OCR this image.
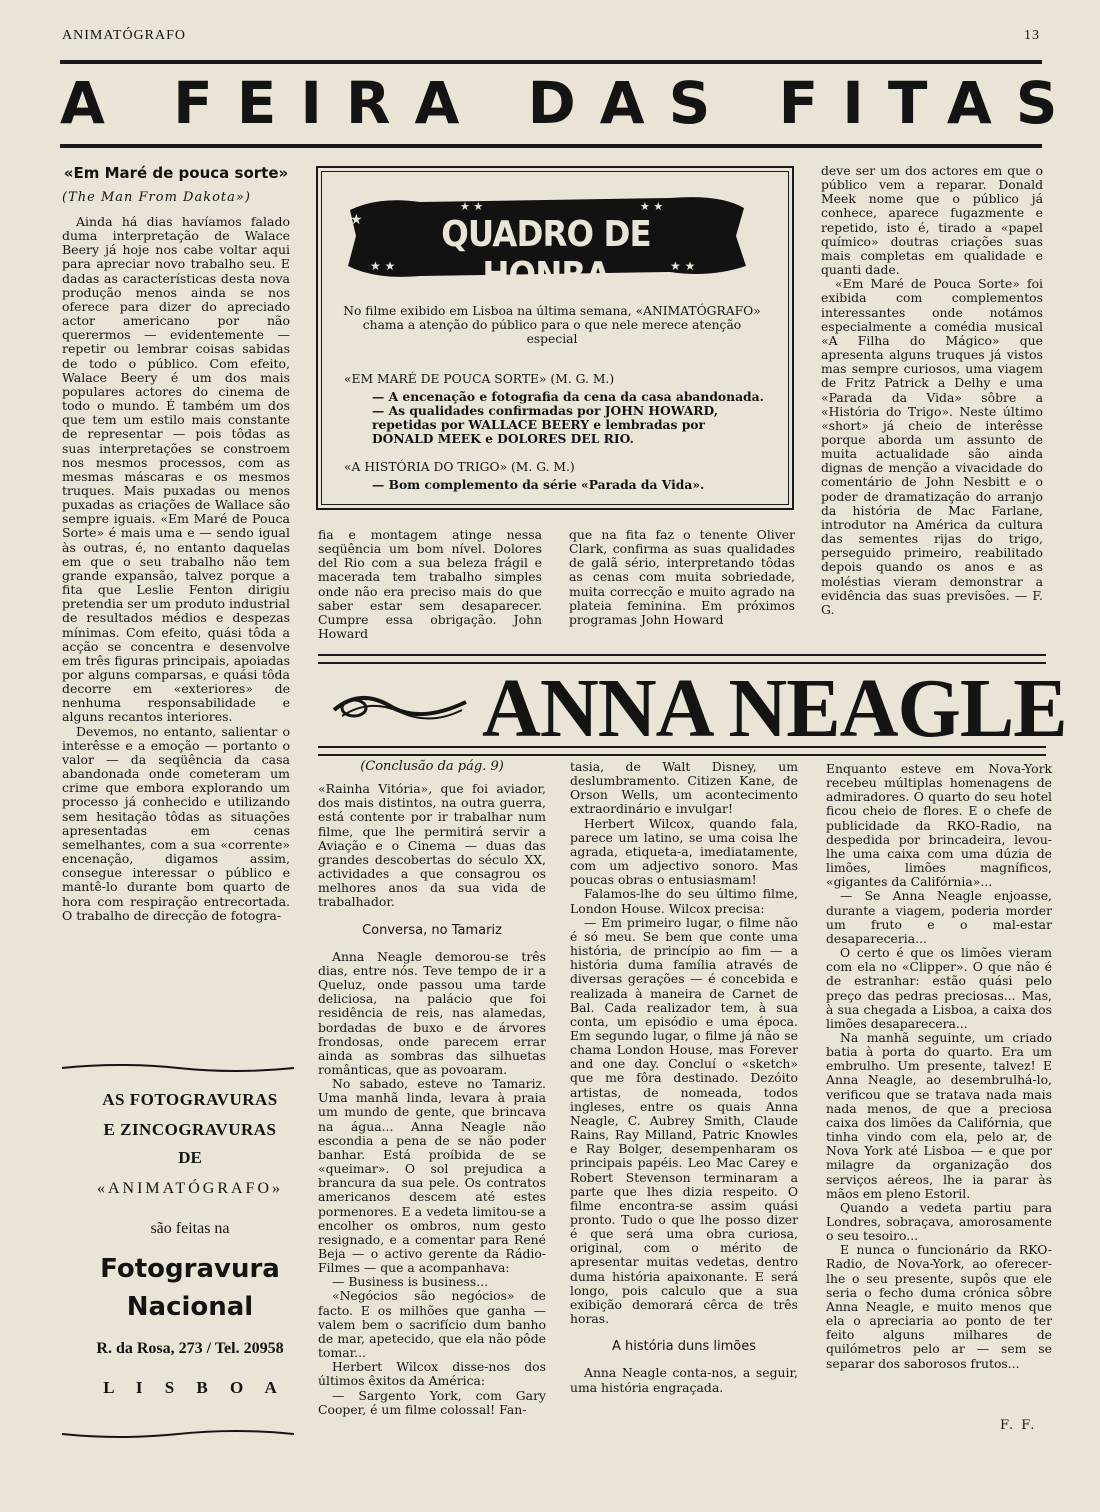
ANIMATÓGRAFO	13
A FEIRA DAS FITAS
«Em Maré de pouca sorte»
(The Man From Dakota»)

Ainda há dias havíamos falado duma interpretação de Walace Beery já hoje nos cabe voltar aqui para apreciar novo trabalho seu. E dadas as características desta nova produção menos ainda se nos oferece para dizer do apreciado actor americano por não querermos — evidentemente — repetir ou lembrar coisas sabidas de todo o público. Com efeito, Walace Beery é um dos mais populares actores do cinema de todo o mundo. É também um dos que tem um estilo mais constante de representar — pois tôdas as suas interpretações se constroem nos mesmos processos, com as mesmas máscaras e os mesmos truques. Mais puxadas ou menos puxadas as criações de Wallace são sempre iguais. «Em Maré de Pouca Sorte» é mais uma e — sendo igual às outras, é, no entanto daquelas em que o seu trabalho não tem grande expansão, talvez porque a fita que Leslie Fenton dirigiu pretendia ser um produto industrial de resultados médios e despezas mínimas. Com efeito, quási tôda a acção se concentra e desenvolve em três figuras principais, apoiadas por alguns comparsas, e quási tôda decorre em «exteriores» de nenhuma responsabilidade e alguns recantos interiores.

Devemos, no entanto, salientar o interêsse e a emoção — portanto o valor — da seqüência da casa abandonada onde cometeram um crime que embora explorando um processo já conhecido e utilizando sem hesitação tôdas as situações apresentadas em cenas semelhantes, com a sua «corrente» encenação, digamos assim, consegue interessar o público e mantê-lo durante bom quarto de hora com respiração entrecortada. O trabalho de direcção de fotogra-

★
★ ★	★ ★
★ ★	★ ★
QUADRO DE HONRA
No filme exibido em Lisboa na última semana, «ANIMATÓGRAFO» chama a atenção do público para o que nele merece atenção especial
«EM MARÉ DE POUCA SORTE» (M. G. M.)
— A encenação e fotografia da cena da casa abandonada.
— As qualidades confirmadas por JOHN HOWARD, repetidas por WALLACE BEERY e lembradas por DONALD MEEK e DOLORES DEL RIO.
«A HISTÓRIA DO TRIGO» (M. G. M.)
— Bom complemento da série «Parada da Vida».

fia e montagem atinge nessa seqüência um bom nível. Dolores del Rio com a sua beleza frágil e macerada tem trabalho simples onde não era preciso mais do que saber estar sem desaparecer. Cumpre essa obrigação. John Howard

que na fita faz o tenente Oliver Clark, confirma as suas qualidades de galã sério, interpretando tôdas as cenas com muita sobriedade, muita correcção e muito agrado na plateia feminina. Em próximos programas John Howard

deve ser um dos actores em que o público vem a reparar. Donald Meek nome que o público já conhece, aparece fugazmente e repetido, isto é, tirado a «papel químico» doutras criações suas mais completas em qualidade e quanti dade.

«Em Maré de Pouca Sorte» foi exibida com complementos interessantes onde notámos especialmente a comédia musical «A Filha do Mágico» que apresenta alguns truques já vistos mas sempre curiosos, uma viagem de Fritz Patrick a Delhy e uma «Parada da Vida» sôbre a «História do Trigo». Neste último «short» já cheio de interêsse porque aborda um assunto de muita actualidade são ainda dignas de menção a vivacidade do comentário de John Nesbitt e o poder de dramatização do arranjo da história de Mac Farlane, introdutor na América da cultura das sementes rijas do trigo, perseguido primeiro, reabilitado depois quando os anos e as moléstias vieram demonstrar a evidência das suas previsões. — F. G.

ANNA NEAGLE
(Conclusão da pág. 9)

«Rainha Vitória», que foi aviador, dos mais distintos, na outra guerra, está contente por ir trabalhar num filme, que lhe permitirá servir a Aviação e o Cinema — duas das grandes descobertas do século XX, actividades a que consagrou os melhores anos da sua vida de trabalhador.

Conversa, no Tamariz

Anna Neagle demorou-se três dias, entre nós. Teve tempo de ir a Queluz, onde passou uma tarde deliciosa, na palácio que foi residência de reis, nas alamedas, bordadas de buxo e de árvores frondosas, onde parecem errar ainda as sombras das silhuetas românticas, que as povoaram.

No sabado, esteve no Tamariz. Uma manhã linda, levara à praia um mundo de gente, que brincava na água... Anna Neagle não escondia a pena de se não poder banhar. Está proíbida de se «queimar». O sol prejudica a brancura da sua pele. Os contratos americanos descem até estes pormenores. E a vedeta limitou-se a encolher os ombros, num gesto resignado, e a comentar para René Beja — o activo gerente da Rádio-Filmes — que a acompanhava:

— Business is business...

«Negócios são negócios» de facto. E os milhões que ganha — valem bem o sacrifício dum banho de mar, apetecido, que ela não pôde tomar...

Herbert Wilcox disse-nos dos últimos êxitos da América:

— Sargento York, com Gary Cooper, é um filme colossal! Fan-

tasia, de Walt Disney, um deslumbramento. Citizen Kane, de Orson Wells, um acontecimento extraordinário e invulgar!

Herbert Wilcox, quando fala, parece um latino, se uma coisa lhe agrada, etiqueta-a, imediatamente, com um adjectivo sonoro. Mas poucas obras o entusiasmam!

Falamos-lhe do seu último filme, London House. Wilcox precisa:

— Em primeiro lugar, o filme não é só meu. Se bem que conte uma história, de princípio ao fim — a história duma família através de diversas gerações — é concebida e realizada à maneira de Carnet de Bal. Cada realizador tem, à sua conta, um episódio e uma época. Em segundo lugar, o filme já não se chama London House, mas Forever and one day. Concluí o «sketch» que me fôra destinado. Dezóito artistas, de nomeada, todos ingleses, entre os quais Anna Neagle, C. Aubrey Smith, Claude Rains, Ray Milland, Patric Knowles e Ray Bolger, desempenharam os principais papéis. Leo Mac Carey e Robert Stevenson terminaram a parte que lhes dizia respeito. O filme encontra-se assim quási pronto. Tudo o que lhe posso dizer é que será uma obra curiosa, original, com o mérito de apresentar muitas vedetas, dentro duma história apaixonante. E será longo, pois calculo que a sua exibição demorará cêrca de três horas.

A história duns limões

Anna Neagle conta-nos, a seguir, uma história engraçada.

Enquanto esteve em Nova-York recebeu múltiplas homenagens de admiradores. O quarto do seu hotel ficou cheio de flores. E o chefe de publicidade da RKO-Radio, na despedida por brincadeira, levou-lhe uma caixa com uma dúzia de limões, limões magníficos, «gigantes da Califórnia»...

— Se Anna Neagle enjoasse, durante a viagem, poderia morder um fruto e o mal-estar desapareceria...

O certo é que os limões vieram com ela no «Clipper». O que não é de estranhar: estão quási pelo preço das pedras preciosas... Mas, à sua chegada a Lisboa, a caixa dos limões desaparecera...

Na manhã seguinte, um criado batia à porta do quarto. Era um embrulho. Um presente, talvez! E Anna Neagle, ao desembrulhá-lo, verificou que se tratava nada mais nada menos, de que a preciosa caixa dos limões da Califórnia, que tinha vindo com ela, pelo ar, de Nova York até Lisboa — e que por milagre da organização dos serviços aéreos, lhe ia parar às mãos em pleno Estoril.

Quando a vedeta partiu para Londres, sobraçava, amorosamente o seu tesoiro...

E nunca o funcionário da RKO-Radio, de Nova-York, ao oferecer-lhe o seu presente, supôs que ele seria o fecho duma crónica sôbre Anna Neagle, e muito menos que ela o apreciaria ao ponto de ter feito alguns milhares de quilómetros pelo ar — sem se separar dos saborosos frutos...

F. F.
AS FOTOGRAVURAS
E ZINCOGRAVURAS
DE
«ANIMATÓGRAFO»
são feitas na
Fotogravura
Nacional
R. da Rosa, 273 / Tel. 20958
L I S B O A
